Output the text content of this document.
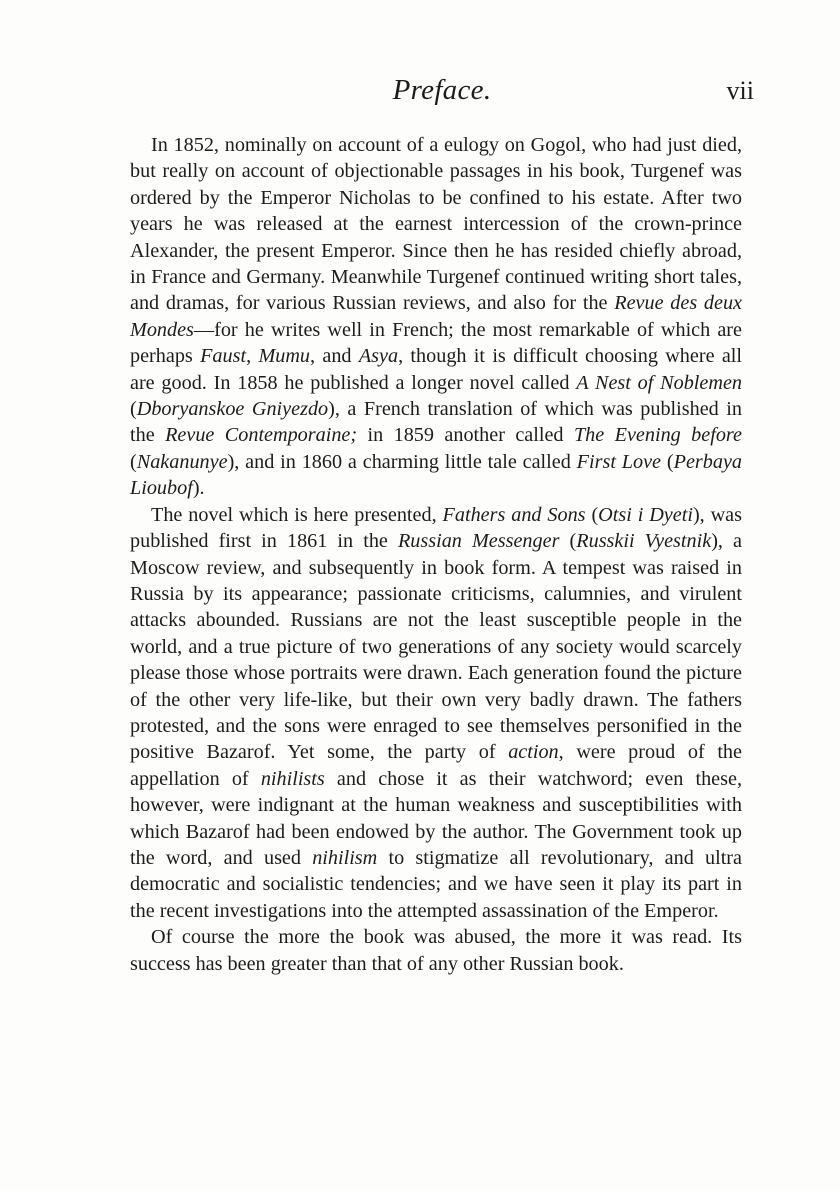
Preface.	vii

In 1852, nominally on account of a eulogy on Gogol, who had just died, but really on account of objectionable passages in his book, Turgenef was ordered by the Emperor Nicholas to be confined to his estate. After two years he was released at the earnest intercession of the crown-prince Alexander, the present Emperor. Since then he has resided chiefly abroad, in France and Germany. Meanwhile Turgenef continued writing short tales, and dramas, for various Russian reviews, and also for the Revue des deux Mondes—for he writes well in French; the most remarkable of which are perhaps Faust, Mumu, and Asya, though it is difficult choosing where all are good. In 1858 he published a longer novel called A Nest of Noblemen (Dboryanskoe Gniyezdo), a French translation of which was published in the Revue Contemporaine; in 1859 another called The Evening before (Nakanunye), and in 1860 a charming little tale called First Love (Perbaya Lioubof).

The novel which is here presented, Fathers and Sons (Otsi i Dyeti), was published first in 1861 in the Russian Messenger (Russkii Vyestnik), a Moscow review, and subsequently in book form. A tempest was raised in Russia by its appearance; passionate criticisms, calumnies, and virulent attacks abounded. Russians are not the least susceptible people in the world, and a true picture of two generations of any society would scarcely please those whose portraits were drawn. Each generation found the picture of the other very life-like, but their own very badly drawn. The fathers protested, and the sons were enraged to see themselves personified in the positive Bazarof. Yet some, the party of action, were proud of the appellation of nihilists and chose it as their watchword; even these, however, were indignant at the human weakness and susceptibilities with which Bazarof had been endowed by the author. The Government took up the word, and used nihilism to stigmatize all revolutionary, and ultra democratic and socialistic tendencies; and we have seen it play its part in the recent investigations into the attempted assassination of the Emperor.

Of course the more the book was abused, the more it was read. Its success has been greater than that of any other Russian book.
